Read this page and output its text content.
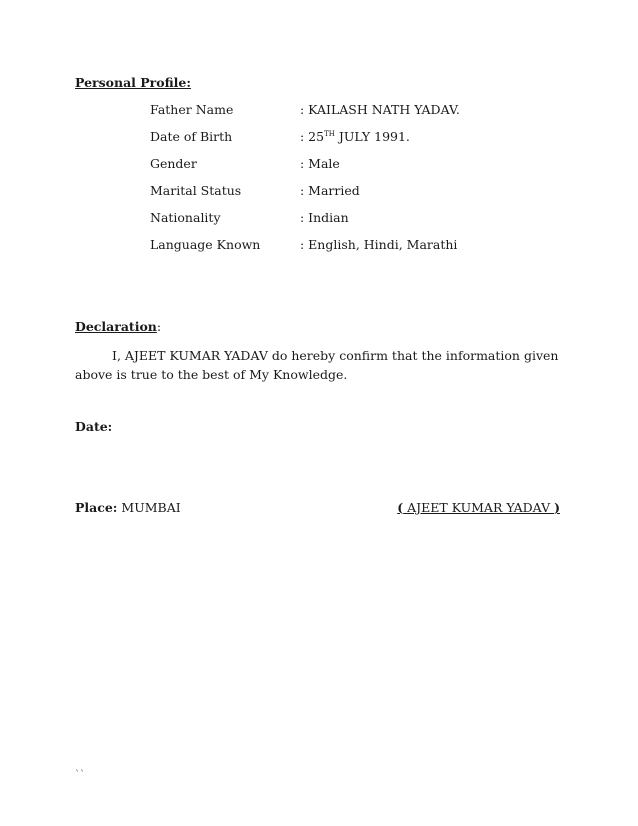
Personal Profile:
Father Name	: KAILASH NATH YADAV.
Date of Birth	: 25TH JULY 1991.
Gender	: Male
Marital Status	: Married
Nationality	: Indian
Language Known	: English, Hindi, Marathi
Declaration:
I, AJEET KUMAR YADAV do hereby confirm that the information given above is true to the best of My Knowledge.
Date:
Place: MUMBAI	( AJEET KUMAR YADAV )
``
